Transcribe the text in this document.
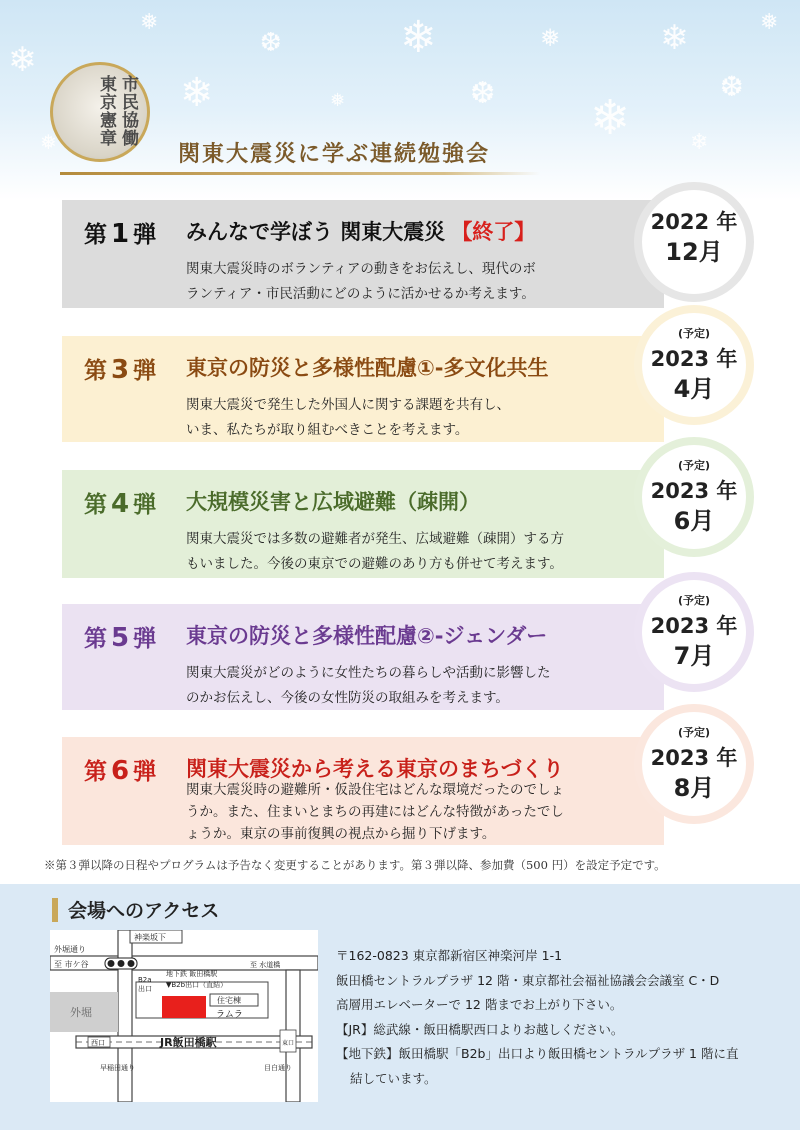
❄
❅
❄
❆
❅
❄
❆
❅
❄
❄
❆
❅
❅	❄
市民協働東京憲章
関東大震災に学ぶ連続勉強会
第 1 弾 みんなで学ぼう 関東大震災 【終了】
関東大震災時のボランティアの動きをお伝えし、現代のボ
ランティア・市民活動にどのように活かせるか考えます。
2022 年
12月
第 3 弾 東京の防災と多様性配慮①-多文化共生
関東大震災で発生した外国人に関する課題を共有し、
いま、私たちが取り組むべきことを考えます。
(予定)
2023 年
4月
第 4 弾 大規模災害と広域避難（疎開）
関東大震災では多数の避難者が発生、広域避難（疎開）する方
もいました。今後の東京での避難のあり方も併せて考えます。
(予定)
2023 年
6月
第 5 弾 東京の防災と多様性配慮②-ジェンダー
関東大震災がどのように女性たちの暮らしや活動に影響した
のかお伝えし、今後の女性防災の取組みを考えます。
(予定)
2023 年
7月
第 6 弾 関東大震災から考える東京のまちづくり
関東大震災時の避難所・仮設住宅はどんな環境だったのでしょ
うか。また、住まいとまちの再建にはどんな特徴があったでし
ょうか。東京の事前復興の視点から掘り下げます。
(予定)
2023 年
8月
※第３弾以降の日程やプログラムは予告なく変更することがあります。第３弾以降、参加費（500 円）を設定予定です。
会場へのアクセス
外堀通り
至 市ケ谷
神楽坂下
B2a
出口
地下鉄 飯田橋駅
▼B2b出口（直結）
至 水道橋
住宅棟
ラムラ
外堀
西口	JR飯田橋駅	東口
早稲田通り	目白通り
〒162-0823 東京都新宿区神楽河岸 1-1
飯田橋セントラルプラザ 12 階・東京都社会福祉協議会会議室 C・D
高層用エレベーターで 12 階までお上がり下さい。
【JR】総武線・飯田橋駅西口よりお越しください。
【地下鉄】飯田橋駅「B2b」出口より飯田橋セントラルプラザ 1 階に直
結しています。
